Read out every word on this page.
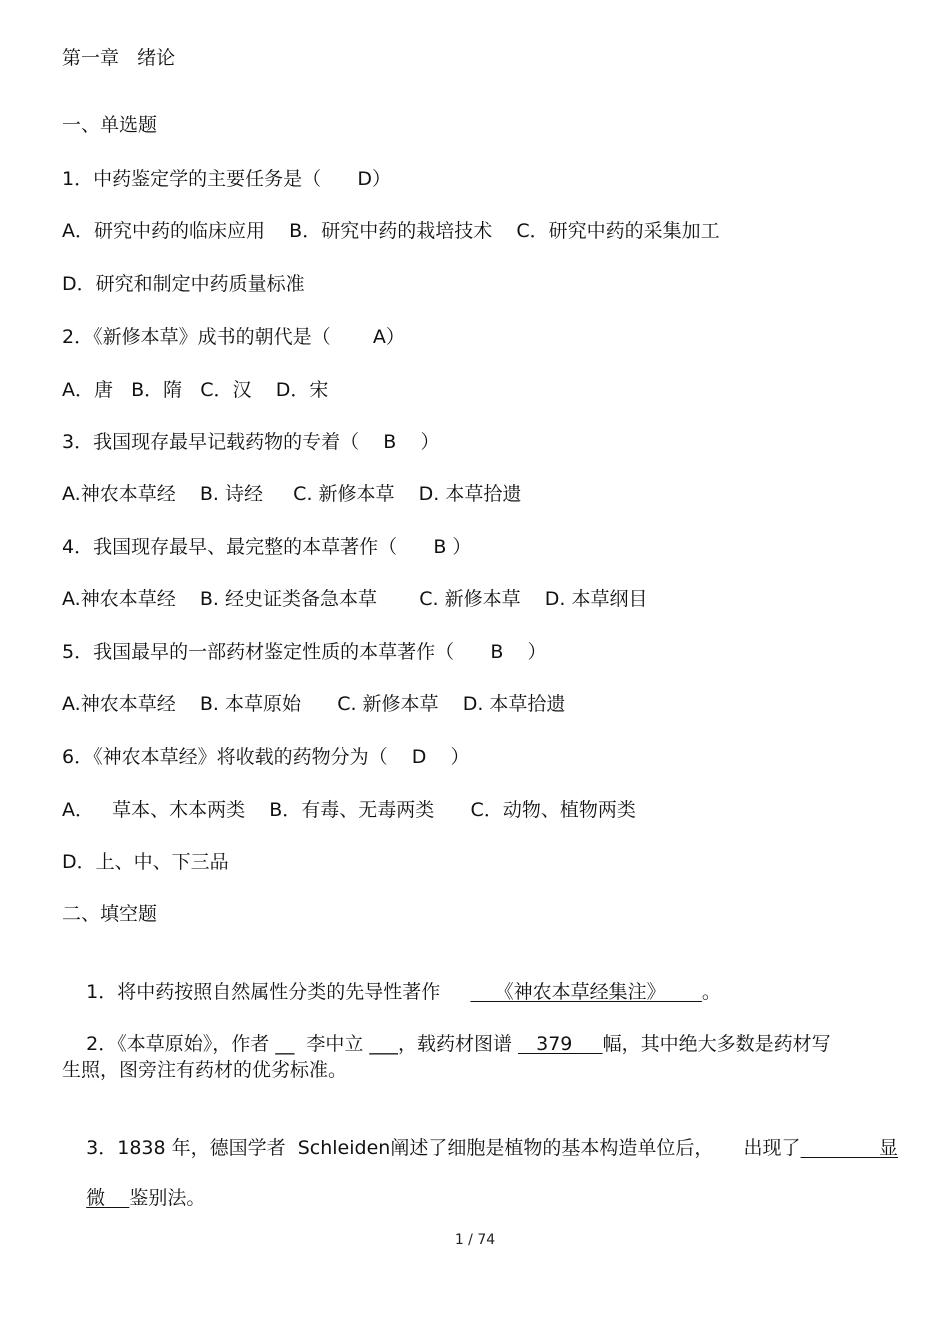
第一章   绪论
一、单选题
1．中药鉴定学的主要任务是（      D）
A．研究中药的临床应用    B．研究中药的栽培技术    C．研究中药的采集加工
D．研究和制定中药质量标准
2．《新修本草》成书的朝代是（       A）
A．唐   B．隋   C．汉    D．宋
3．我国现存最早记载药物的专着（    B    ）
A.神农本草经    B. 诗经     C. 新修本草    D. 本草拾遗
4．我国现存最早、最完整的本草著作（      B ）
A.神农本草经    B. 经史证类备急本草       C. 新修本草    D. 本草纲目
5．我国最早的一部药材鉴定性质的本草著作（      B    ）
A.神农本草经    B. 本草原始      C. 新修本草    D. 本草拾遗
6．《神农本草经》将收载的药物分为（    D    ）
A．   草本、木本两类    B．有毒、无毒两类      C．动物、植物两类
D．上、中、下三品
二、填空题

1．将中药按照自然属性分类的先导性著作         《神农本草经集注》      。

2．《本草原始》，作者 __  李中立 ___，载药材图谱    379     幅，其中绝大多数是药材写

生照，图旁注有药材的优劣标准。

3．1838 年，德国学者  Schleiden阐述了细胞是植物的基本构造单位后，     出现了             显

微    鉴别法。

1 / 74
